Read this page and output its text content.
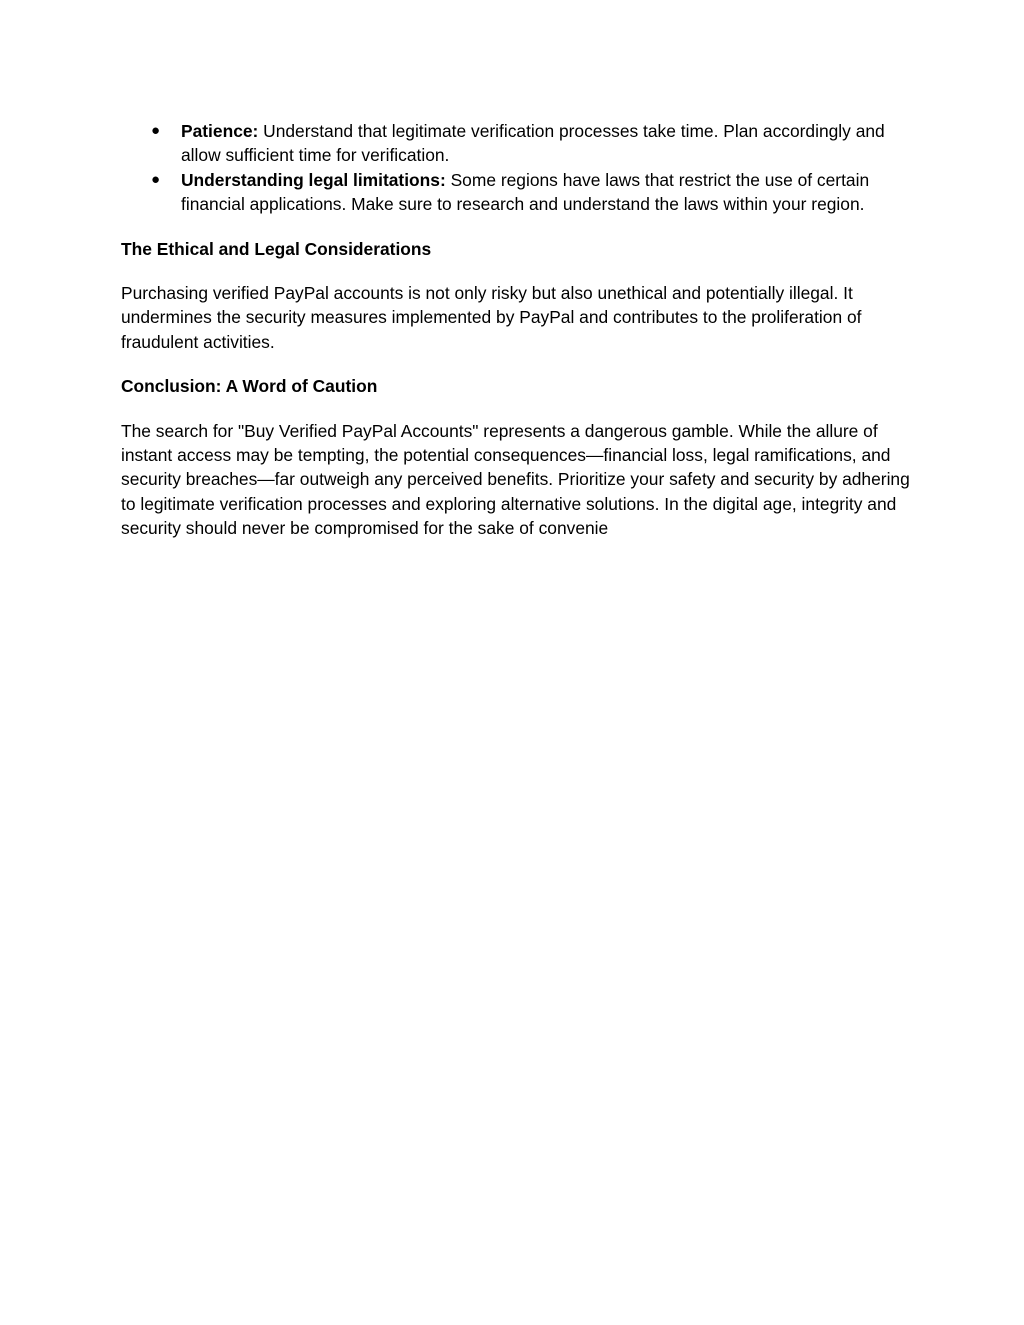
● Patience: Understand that legitimate verification processes take time. Plan accordingly and allow sufficient time for verification.
● Understanding legal limitations: Some regions have laws that restrict the use of certain financial applications. Make sure to research and understand the laws within your region.
The Ethical and Legal Considerations

Purchasing verified PayPal accounts is not only risky but also unethical and potentially illegal. It undermines the security measures implemented by PayPal and contributes to the proliferation of fraudulent activities.

Conclusion: A Word of Caution

The search for "Buy Verified PayPal Accounts" represents a dangerous gamble. While the allure of instant access may be tempting, the potential consequences—financial loss, legal ramifications, and security breaches—far outweigh any perceived benefits. Prioritize your safety and security by adhering to legitimate verification processes and exploring alternative solutions. In the digital age, integrity and security should never be compromised for the sake of convenie
